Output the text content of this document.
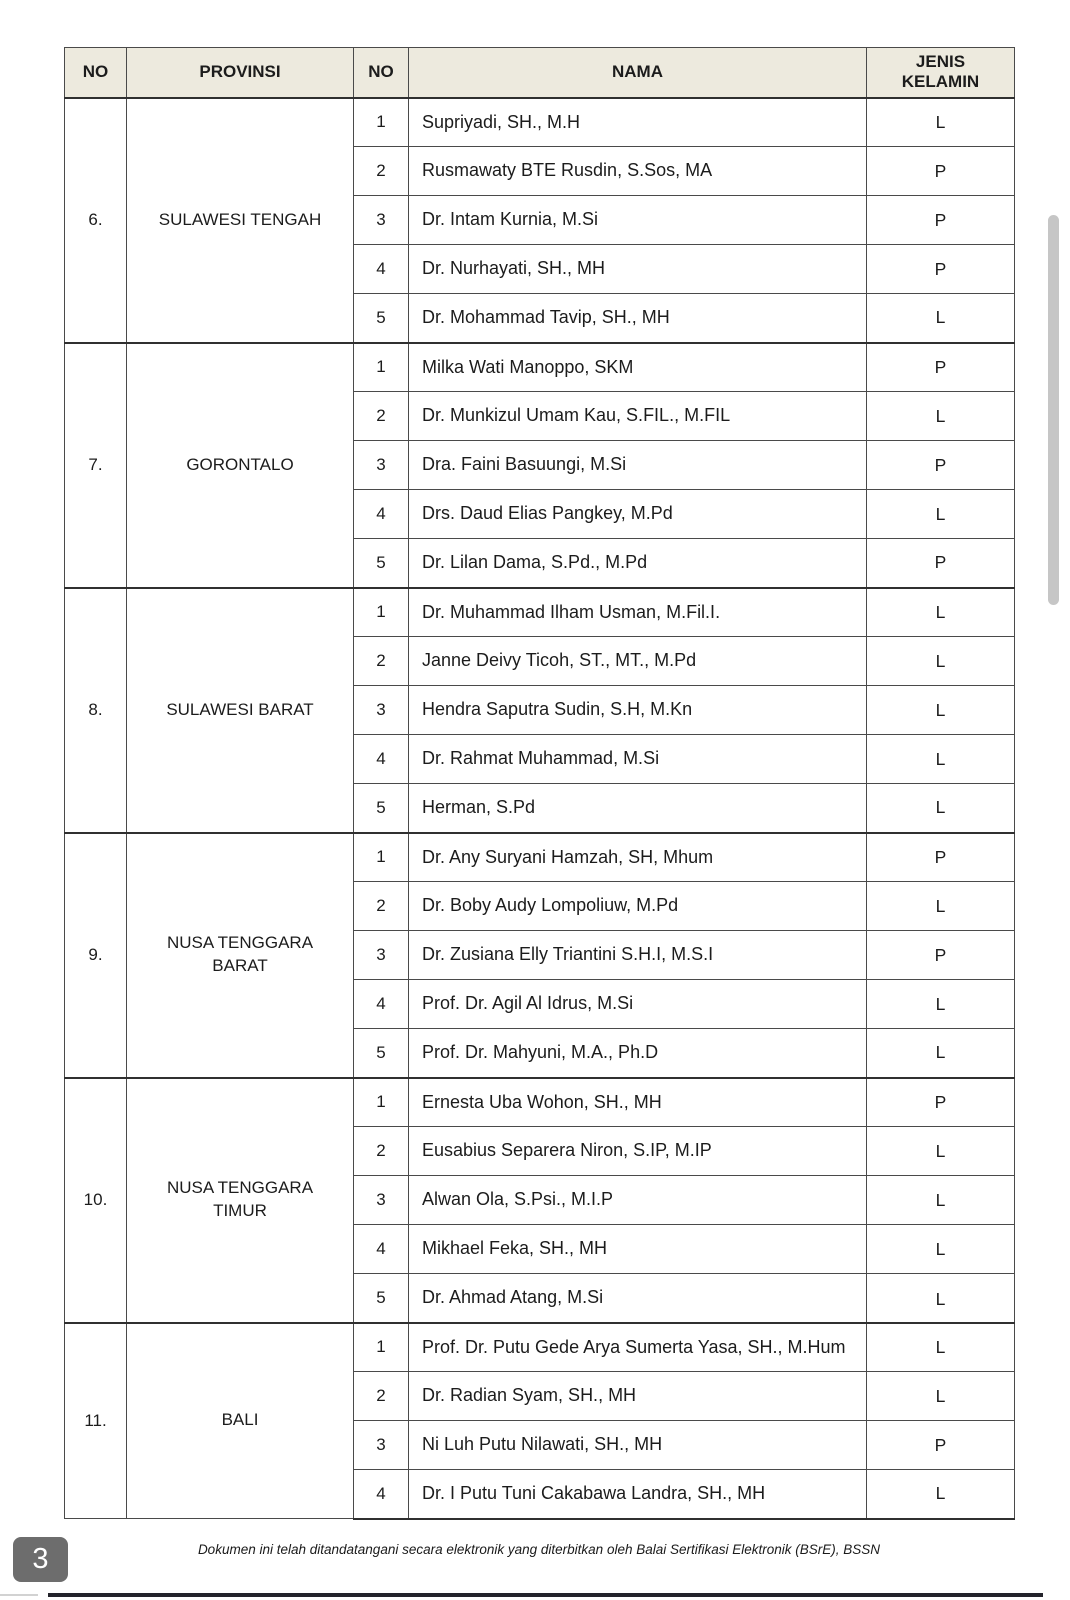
NO	PROVINSI	NO	NAMA	JENIS KELAMIN
6.	SULAWESI TENGAH	1	Supriyadi, SH., M.H	L
		2	Rusmawaty BTE Rusdin, S.Sos, MA	P
		3	Dr. Intam Kurnia, M.Si	P
		4	Dr. Nurhayati, SH., MH	P
		5	Dr. Mohammad Tavip, SH., MH	L
7.	GORONTALO	1	Milka Wati Manoppo, SKM	P
		2	Dr. Munkizul Umam Kau, S.FIL., M.FIL	L
		3	Dra. Faini Basuungi, M.Si	P
		4	Drs. Daud Elias Pangkey, M.Pd	L
		5	Dr. Lilan Dama, S.Pd., M.Pd	P
8.	SULAWESI BARAT	1	Dr. Muhammad Ilham Usman, M.Fil.I.	L
		2	Janne Deivy Ticoh, ST., MT., M.Pd	L
		3	Hendra Saputra Sudin, S.H, M.Kn	L
		4	Dr. Rahmat Muhammad, M.Si	L
		5	Herman, S.Pd	L
9.	NUSA TENGGARA BARAT	1	Dr. Any Suryani Hamzah, SH, Mhum	P
		2	Dr. Boby Audy Lompoliuw, M.Pd	L
		3	Dr. Zusiana Elly Triantini S.H.I, M.S.I	P
		4	Prof. Dr. Agil Al Idrus, M.Si	L
		5	Prof. Dr. Mahyuni, M.A., Ph.D	L
10.	NUSA TENGGARA TIMUR	1	Ernesta Uba Wohon, SH., MH	P
		2	Eusabius Separera Niron, S.IP, M.IP	L
		3	Alwan Ola, S.Psi., M.I.P	L
		4	Mikhael Feka, SH., MH	L
		5	Dr. Ahmad Atang, M.Si	L
11.	BALI	1	Prof. Dr. Putu Gede Arya Sumerta Yasa, SH., M.Hum	L
		2	Dr. Radian Syam, SH., MH	L
		3	Ni Luh Putu Nilawati, SH., MH	P
		4	Dr. I Putu Tuni Cakabawa Landra, SH., MH	L
Dokumen ini telah ditandatangani secara elektronik yang diterbitkan oleh Balai Sertifikasi Elektronik (BSrE), BSSN
3
